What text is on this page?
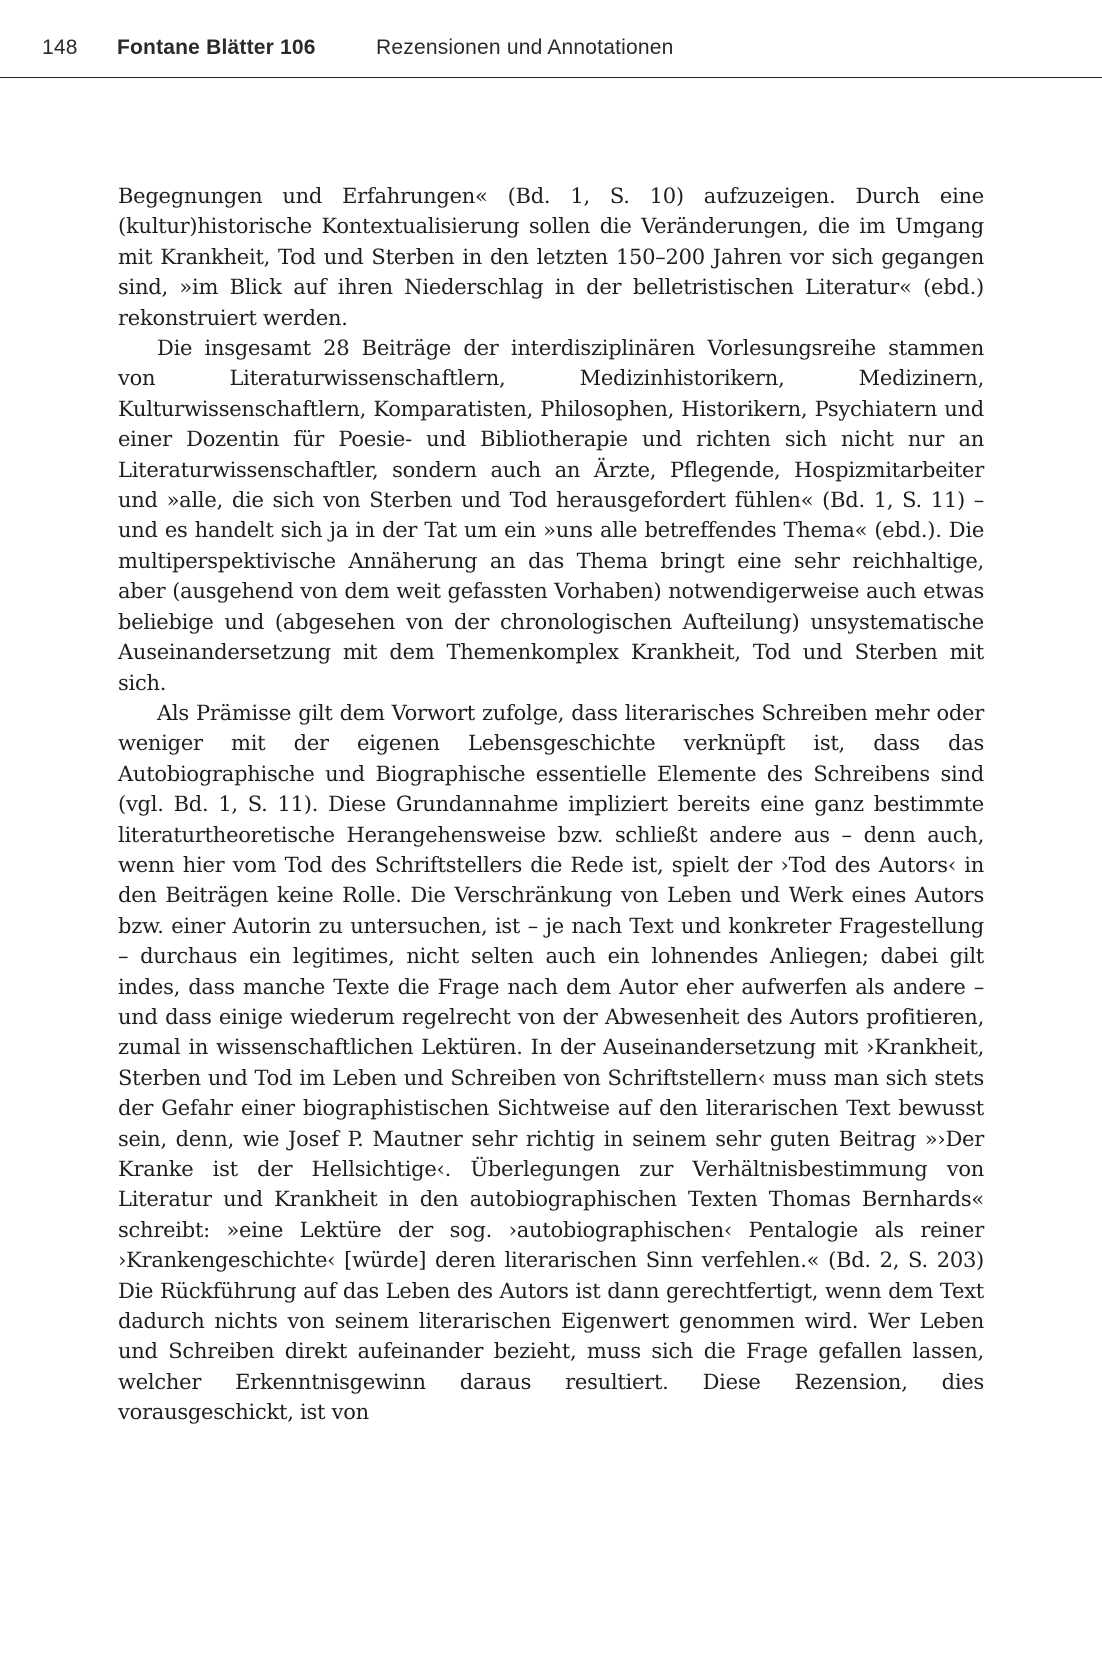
148 Fontane Blätter 106	Rezensionen und Annotationen

Begegnungen und Erfahrungen« (Bd. 1, S. 10) aufzuzeigen. Durch eine (kultur)historische Kontextualisierung sollen die Veränderungen, die im Umgang mit Krankheit, Tod und Sterben in den letzten 150–200 Jahren vor sich gegangen sind, »im Blick auf ihren Niederschlag in der belletristischen Literatur« (ebd.) rekonstruiert werden.

Die insgesamt 28 Beiträge der interdisziplinären Vorlesungsreihe stammen von Literaturwissenschaftlern, Medizinhistorikern, Medizinern, Kulturwissenschaftlern, Komparatisten, Philosophen, Historikern, Psychiatern und einer Dozentin für Poesie- und Bibliotherapie und richten sich nicht nur an Literaturwissenschaftler, sondern auch an Ärzte, Pflegende, Hospizmitarbeiter und »alle, die sich von Sterben und Tod herausgefordert fühlen« (Bd. 1, S. 11) – und es handelt sich ja in der Tat um ein »uns alle betreffendes Thema« (ebd.). Die multiperspektivische Annäherung an das Thema bringt eine sehr reichhaltige, aber (ausgehend von dem weit gefassten Vorhaben) notwendigerweise auch etwas beliebige und (abgesehen von der chronologischen Aufteilung) unsystematische Auseinandersetzung mit dem Themenkomplex Krankheit, Tod und Sterben mit sich.

Als Prämisse gilt dem Vorwort zufolge, dass literarisches Schreiben mehr oder weniger mit der eigenen Lebensgeschichte verknüpft ist, dass das Autobiographische und Biographische essentielle Elemente des Schreibens sind (vgl. Bd. 1, S. 11). Diese Grundannahme impliziert bereits eine ganz bestimmte literaturtheoretische Herangehensweise bzw. schließt andere aus – denn auch, wenn hier vom Tod des Schriftstellers die Rede ist, spielt der ›Tod des Autors‹ in den Beiträgen keine Rolle. Die Verschränkung von Leben und Werk eines Autors bzw. einer Autorin zu untersuchen, ist – je nach Text und konkreter Fragestellung – durchaus ein legitimes, nicht selten auch ein lohnendes Anliegen; dabei gilt indes, dass manche Texte die Frage nach dem Autor eher aufwerfen als andere – und dass einige wiederum regelrecht von der Abwesenheit des Autors profitieren, zumal in wissenschaftlichen Lektüren. In der Auseinandersetzung mit ›Krankheit, Sterben und Tod im Leben und Schreiben von Schriftstellern‹ muss man sich stets der Gefahr einer biographistischen Sichtweise auf den literarischen Text bewusst sein, denn, wie Josef P. Mautner sehr richtig in seinem sehr guten Beitrag »›Der Kranke ist der Hellsichtige‹. Überlegungen zur Verhältnisbestimmung von Literatur und Krankheit in den autobiographischen Texten Thomas Bernhards« schreibt: »eine Lektüre der sog. ›autobiographischen‹ Pentalogie als reiner ›Krankengeschichte‹ [würde] deren literarischen Sinn verfehlen.« (Bd. 2, S. 203) Die Rückführung auf das Leben des Autors ist dann gerechtfertigt, wenn dem Text dadurch nichts von seinem literarischen Eigenwert genommen wird. Wer Leben und Schreiben direkt aufeinander bezieht, muss sich die Frage gefallen lassen, welcher Erkenntnisgewinn daraus resultiert. Diese Rezension, dies vorausgeschickt, ist von
